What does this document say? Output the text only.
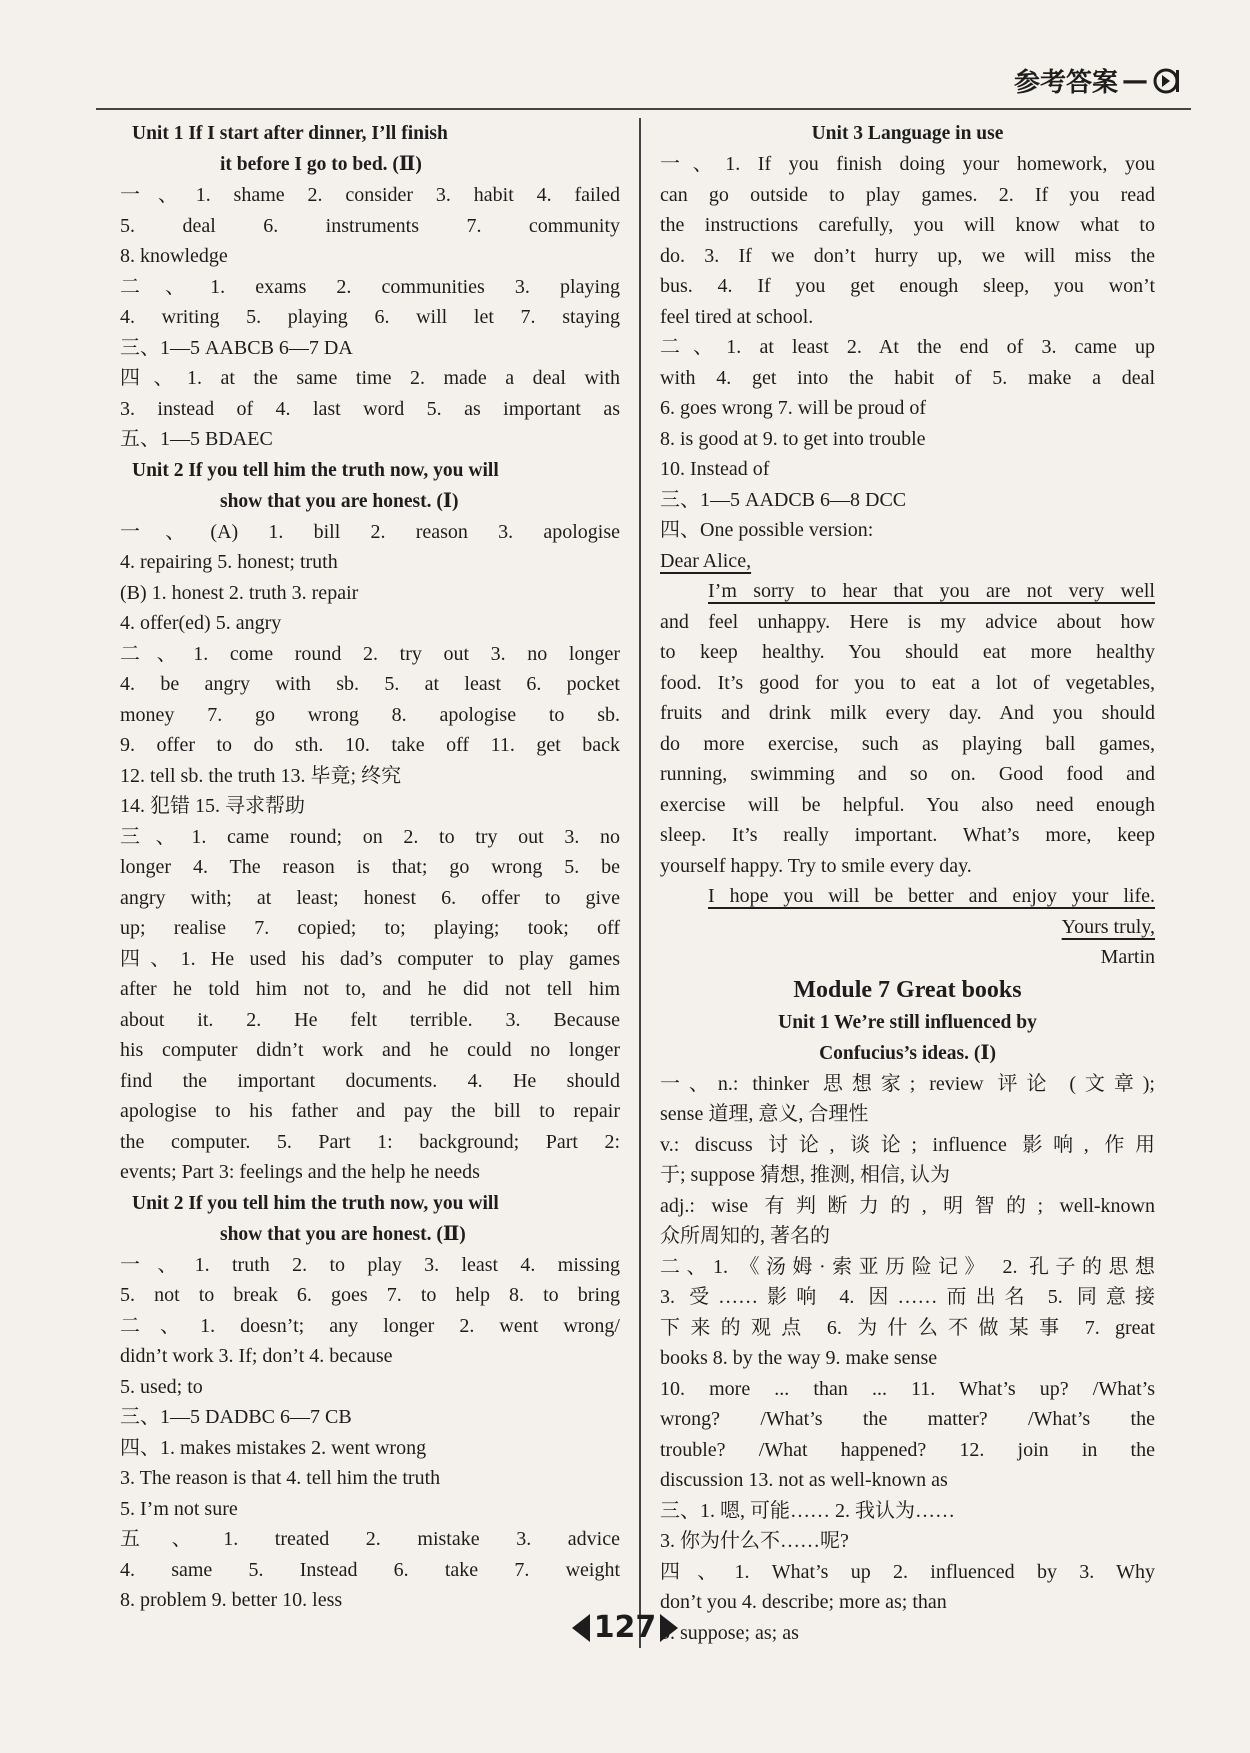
参考答案 —
Unit 1 If I start after dinner, I’ll finish
it before I go to bed. (Ⅱ)
一、1. shame 2. consider 3. habit 4. failed
5. deal 6. instruments 7. community
8. knowledge
二、1. exams 2. communities 3. playing
4. writing 5. playing 6. will let 7. staying
三、1—5 AABCB 6—7 DA
四、1. at the same time 2. made a deal with
3. instead of 4. last word 5. as important as
五、1—5 BDAEC
Unit 2 If you tell him the truth now, you will
show that you are honest. (Ⅰ)
一、(A) 1. bill 2. reason 3. apologise
4. repairing 5. honest; truth
(B) 1. honest 2. truth 3. repair
4. offer(ed) 5. angry
二、1. come round 2. try out 3. no longer
4. be angry with sb. 5. at least 6. pocket
money 7. go wrong 8. apologise to sb.
9. offer to do sth. 10. take off 11. get back
12. tell sb. the truth 13. 毕竟; 终究
14. 犯错 15. 寻求帮助
三、1. came round; on 2. to try out 3. no
longer 4. The reason is that; go wrong 5. be
angry with; at least; honest 6. offer to give
up; realise 7. copied; to; playing; took; off
四、1. He used his dad’s computer to play games
after he told him not to, and he did not tell him
about it. 2. He felt terrible. 3. Because
his computer didn’t work and he could no longer
find the important documents. 4. He should
apologise to his father and pay the bill to repair
the computer. 5. Part 1: background; Part 2:
events; Part 3: feelings and the help he needs
Unit 2 If you tell him the truth now, you will
show that you are honest. (Ⅱ)
一、1. truth 2. to play 3. least 4. missing
5. not to break 6. goes 7. to help 8. to bring
二、1. doesn’t; any longer 2. went wrong/
didn’t work 3. If; don’t 4. because
5. used; to
三、1—5 DADBC 6—7 CB
四、1. makes mistakes 2. went wrong
3. The reason is that 4. tell him the truth
5. I’m not sure
五、1. treated 2. mistake 3. advice
4. same 5. Instead 6. take 7. weight
8. problem 9. better 10. less
Unit 3 Language in use
一、1. If you finish doing your homework, you
can go outside to play games. 2. If you read
the instructions carefully, you will know what to
do. 3. If we don’t hurry up, we will miss the
bus. 4. If you get enough sleep, you won’t
feel tired at school.
二、1. at least 2. At the end of 3. came up
with 4. get into the habit of 5. make a deal
6. goes wrong 7. will be proud of
8. is good at 9. to get into trouble
10. Instead of
三、1—5 AADCB 6—8 DCC
四、One possible version:
Dear Alice,
I’m sorry to hear that you are not very well
and feel unhappy. Here is my advice about how
to keep healthy. You should eat more healthy
food. It’s good for you to eat a lot of vegetables,
fruits and drink milk every day. And you should
do more exercise, such as playing ball games,
running, swimming and so on. Good food and
exercise will be helpful. You also need enough
sleep. It’s really important. What’s more, keep
yourself happy. Try to smile every day.
I hope you will be better and enjoy your life.
Yours truly,
Martin
Module 7 Great books
Unit 1 We’re still influenced by
Confucius’s ideas. (Ⅰ)
一、n.: thinker 思想家; review 评论 (文章);
sense 道理, 意义, 合理性
v.: discuss 讨论, 谈论; influence 影响, 作用
于; suppose 猜想, 推测, 相信, 认为
adj.: wise 有判断力的, 明智的; well-known
众所周知的, 著名的
二、1. 《汤姆·索亚历险记》 2. 孔子的思想
3. 受……影响 4. 因……而出名 5. 同意接
下来的观点 6. 为什么不做某事 7. great
books 8. by the way 9. make sense
10. more ... than ... 11. What’s up? /What’s
wrong? /What’s the matter? /What’s the
trouble? /What happened? 12. join in the
discussion 13. not as well-known as
三、1. 嗯, 可能…… 2. 我认为……
3. 你为什么不……呢?
四、1. What’s up 2. influenced by 3. Why
don’t you 4. describe; more as; than
5. suppose; as; as
127
